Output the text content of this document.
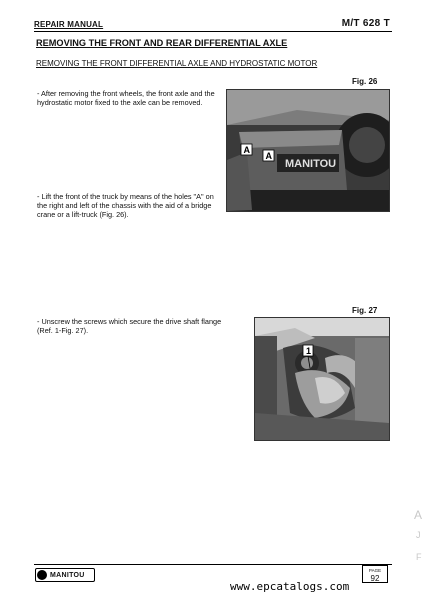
REPAIR MANUAL	M/T 628 T
REMOVING THE FRONT AND REAR DIFFERENTIAL AXLE
REMOVING THE FRONT DIFFERENTIAL AXLE AND HYDROSTATIC MOTOR
Fig. 26
MANITOU
A
A
- After removing the front wheels, the front axle and the hydrostatic motor fixed to the axle can be removed.
- Lift the front of the truck by means of the holes "A" on the right and left of the chassis with the aid of a bridge crane or a lift-truck (Fig. 26).
Fig. 27
1
- Unscrew the screws which secure the drive shaft flange (Ref. 1-Fig. 27).
A
J
F
MANITOU
PAGE
92
www.epcatalogs.com
